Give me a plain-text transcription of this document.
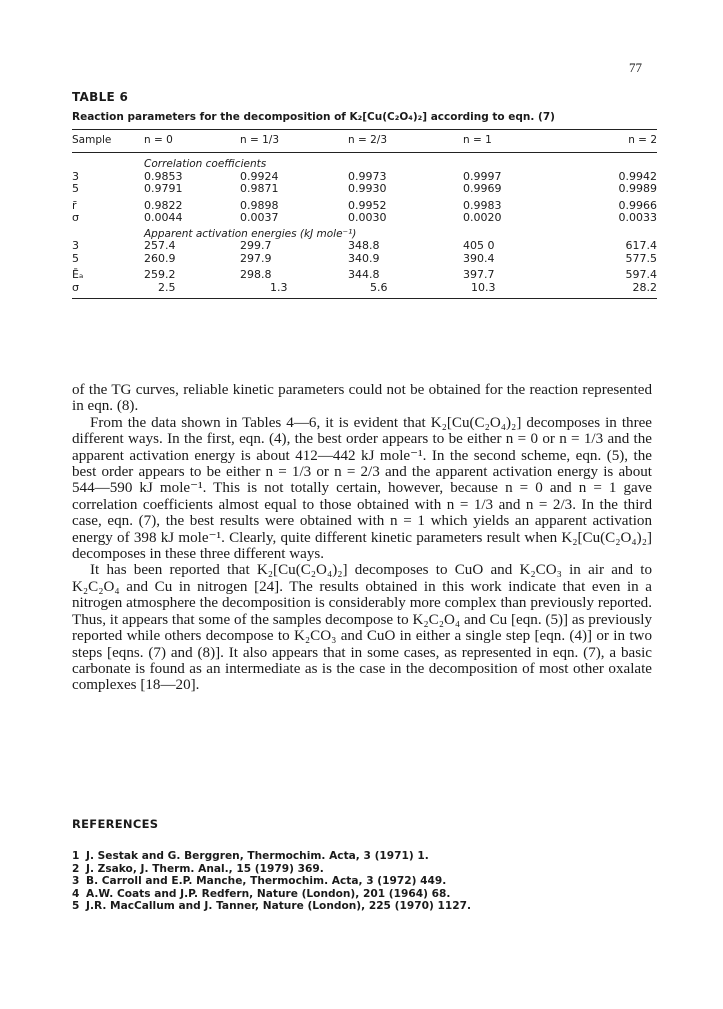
77
TABLE 6
Reaction parameters for the decomposition of K₂[Cu(C₂O₄)₂] according to eqn. (7)
Sample	n = 0	n = 1/3	n = 2/3	n = 1	n = 2

	Correlation coefficients				
3	0.9853	0.9924	0.9973	0.9997	0.9942
5	0.9791	0.9871	0.9930	0.9969	0.9989

r̄	0.9822	0.9898	0.9952	0.9983	0.9966
σ	0.0044	0.0037	0.0030	0.0020	0.0033
	Apparent activation energies (kJ mole⁻¹)				
3	257.4	299.7	348.8	405 0	617.4
5	260.9	297.9	340.9	390.4	577.5

Ēₐ	259.2	298.8	344.8	397.7	597.4
σ	2.5	1.3	5.6	10.3	28.2

of the TG curves, reliable kinetic parameters could not be obtained for the reaction represented in eqn. (8).

From the data shown in Tables 4—6, it is evident that K₂[Cu(C₂O₄)₂] decomposes in three different ways. In the first, eqn. (4), the best order appears to be either n = 0 or n = 1/3 and the apparent activation energy is about 412—442 kJ mole⁻¹. In the second scheme, eqn. (5), the best order appears to be either n = 1/3 or n = 2/3 and the apparent activation energy is about 544—590 kJ mole⁻¹. This is not totally certain, however, because n = 0 and n = 1 gave correlation coefficients almost equal to those obtained with n = 1/3 and n = 2/3. In the third case, eqn. (7), the best results were obtained with n = 1 which yields an apparent activation energy of 398 kJ mole⁻¹. Clearly, quite different kinetic parameters result when K₂[Cu(C₂O₄)₂] decomposes in these three different ways.

It has been reported that K₂[Cu(C₂O₄)₂] decomposes to CuO and K₂CO₃ in air and to K₂C₂O₄ and Cu in nitrogen [24]. The results obtained in this work indicate that even in a nitrogen atmosphere the decomposition is considerably more complex than previously reported. Thus, it appears that some of the samples decompose to K₂C₂O₄ and Cu [eqn. (5)] as previously reported while others decompose to K₂CO₃ and CuO in either a single step [eqn. (4)] or in two steps [eqns. (7) and (8)]. It also appears that in some cases, as represented in eqn. (7), a basic carbonate is found as an intermediate as is the case in the decomposition of most other oxalate complexes [18—20].

REFERENCES
1 J. Sestak and G. Berggren, Thermochim. Acta, 3 (1971) 1.
2 J. Zsako, J. Therm. Anal., 15 (1979) 369.
3 B. Carroll and E.P. Manche, Thermochim. Acta, 3 (1972) 449.
4 A.W. Coats and J.P. Redfern, Nature (London), 201 (1964) 68.
5 J.R. MacCallum and J. Tanner, Nature (London), 225 (1970) 1127.
